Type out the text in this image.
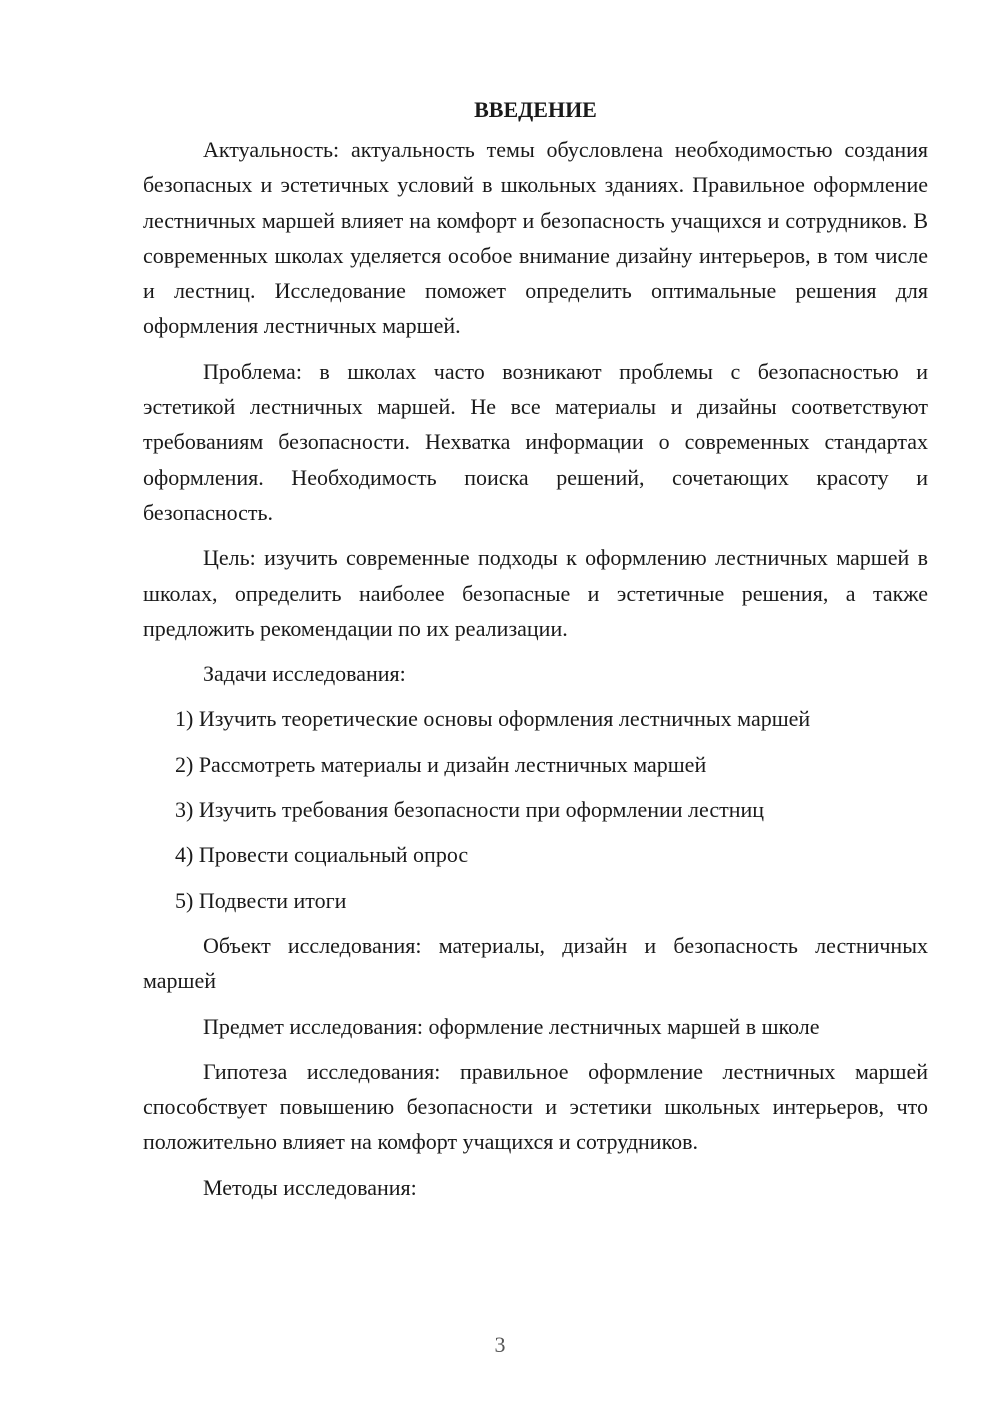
ВВЕДЕНИЕ

Актуальность: актуальность темы обусловлена необходимостью создания безопасных и эстетичных условий в школьных зданиях. Правильное оформление лестничных маршей влияет на комфорт и безопасность учащихся и сотрудников. В современных школах уделяется особое внимание дизайну интерьеров, в том числе и лестниц. Исследование поможет определить оптимальные решения для оформления лестничных маршей.

Проблема: в школах часто возникают проблемы с безопасностью и эстетикой лестничных маршей. Не все материалы и дизайны соответствуют требованиям безопасности. Нехватка информации о современных стандартах оформления. Необходимость поиска решений, сочетающих красоту и безопасность.

Цель: изучить современные подходы к оформлению лестничных маршей в школах, определить наиболее безопасные и эстетичные решения, а также предложить рекомендации по их реализации.

Задачи исследования:

1) Изучить теоретические основы оформления лестничных маршей
2) Рассмотреть материалы и дизайн лестничных маршей
3) Изучить требования безопасности при оформлении лестниц
4) Провести социальный опрос
5) Подвести итоги

Объект исследования: материалы, дизайн и безопасность лестничных маршей

Предмет исследования: оформление лестничных маршей в школе

Гипотеза исследования: правильное оформление лестничных маршей способствует повышению безопасности и эстетики школьных интерьеров, что положительно влияет на комфорт учащихся и сотрудников.

Методы исследования:

3
